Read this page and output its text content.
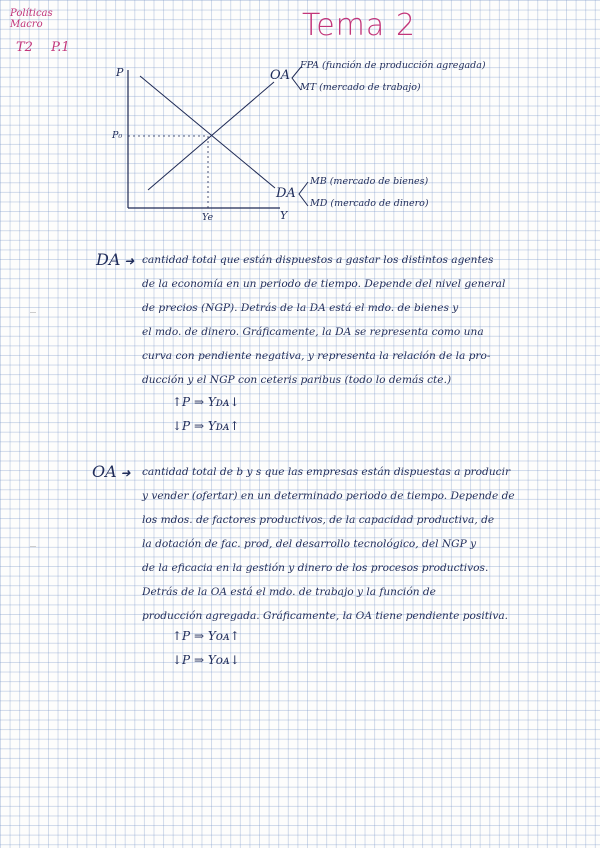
Políticas Macro
T2 P.1
Tema 2
P
P₀
Ye	Y
OA
FPA (función de producción agregada)
MT (mercado de trabajo)
DA
MB (mercado de bienes)
MD (mercado de dinero)
DA ➜ cantidad total que están dispuestos a gastar los distintos agentes

de la economía en un periodo de tiempo. Depende del nivel general

de precios (NGP). Detrás de la DA está el mdo. de bienes y

el mdo. de dinero. Gráficamente, la DA se representa como una

curva con pendiente negativa, y representa la relación de la pro-

ducción y el NGP con ceteris paribus (todo lo demás cte.)

↑P ⇒ Yᴅᴀ↓
↓P ⇒ Yᴅᴀ↑
OA ➜ cantidad total de b y s que las empresas están dispuestas a producir

y vender (ofertar) en un determinado periodo de tiempo. Depende de

los mdos. de factores productivos, de la capacidad productiva, de

la dotación de fac. prod, del desarrollo tecnológico, del NGP y

de la eficacia en la gestión y dinero de los procesos productivos.

Detrás de la OA está el mdo. de trabajo y la función de

producción agregada. Gráficamente, la OA tiene pendiente positiva.

↑P ⇒ Yᴏᴀ↑
↓P ⇒ Yᴏᴀ↓
